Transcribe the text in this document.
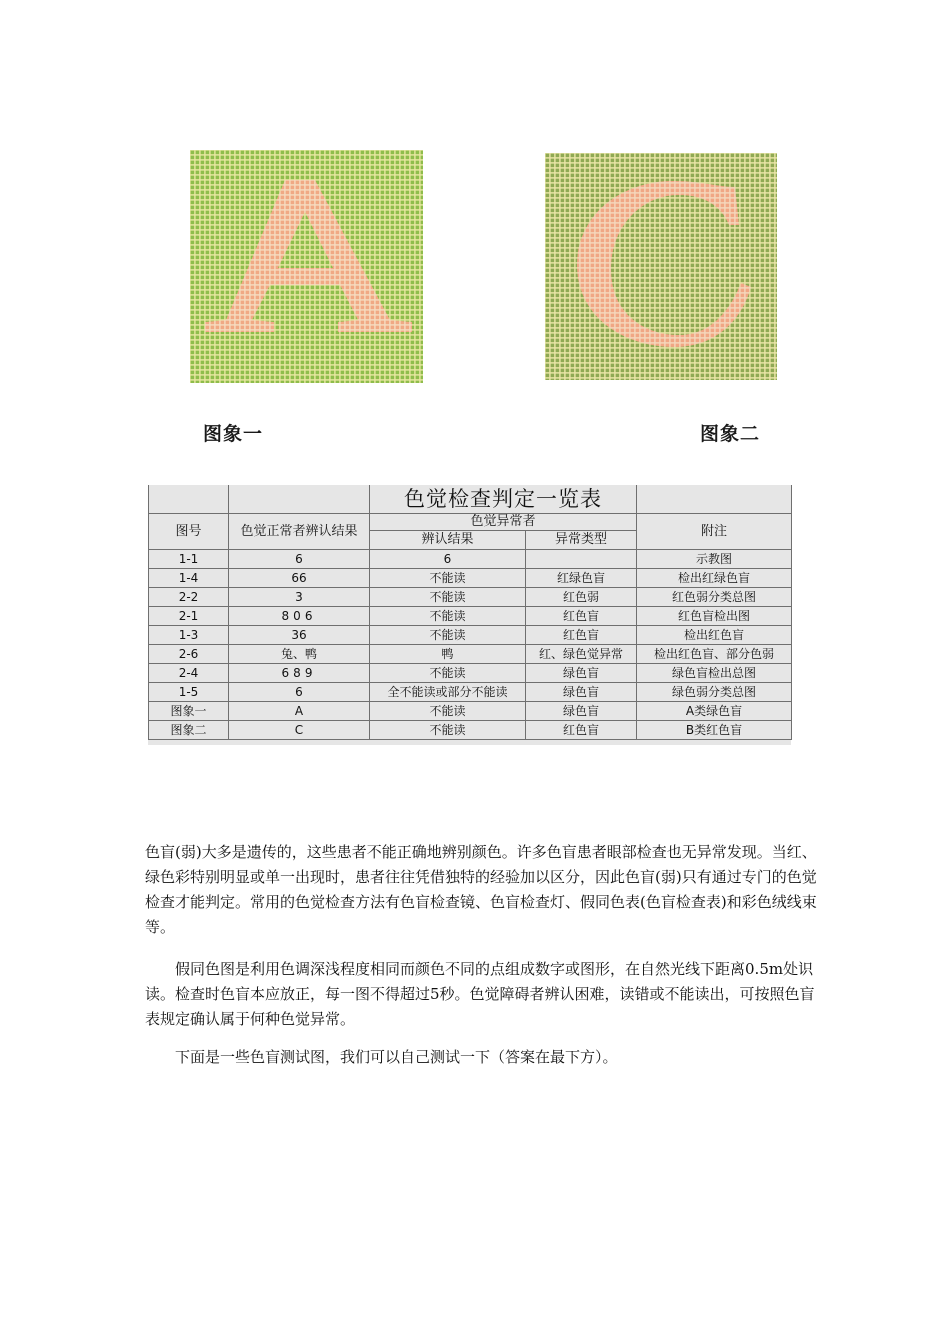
图象一	图象二
		色觉检查判定一览表		
图号	色觉正常者辨认结果	色觉异常者		附注
		辨认结果	异常类型	
1-1	6	6		示教图
1-4	66	不能读	红绿色盲	检出红绿色盲
2-2	3	不能读	红色弱	红色弱分类总图
2-1	806	不能读	红色盲	红色盲检出图
1-3	36	不能读	红色盲	检出红色盲
2-6	兔、鸭	鸭	红、绿色觉异常	检出红色盲、部分色弱
2-4	689	不能读	绿色盲	绿色盲检出总图
1-5	6	全不能读或部分不能读	绿色盲	绿色弱分类总图
图象一	A	不能读	绿色盲	A类绿色盲
图象二	C	不能读	红色盲	B类红色盲
色盲(弱)大多是遗传的，这些患者不能正确地辨别颜色。许多色盲患者眼部检查也无异常发现。当红、绿色彩特别明显或单一出现时，患者往往凭借独特的经验加以区分，因此色盲(弱)只有通过专门的色觉检查才能判定。常用的色觉检查方法有色盲检查镜、色盲检查灯、假同色表(色盲检查表)和彩色绒线束等。
假同色图是利用色调深浅程度相同而颜色不同的点组成数字或图形，在自然光线下距离0.5m处识读。检查时色盲本应放正，每一图不得超过5秒。色觉障碍者辨认困难，读错或不能读出，可按照色盲表规定确认属于何种色觉异常。
下面是一些色盲测试图，我们可以自己测试一下（答案在最下方）。
